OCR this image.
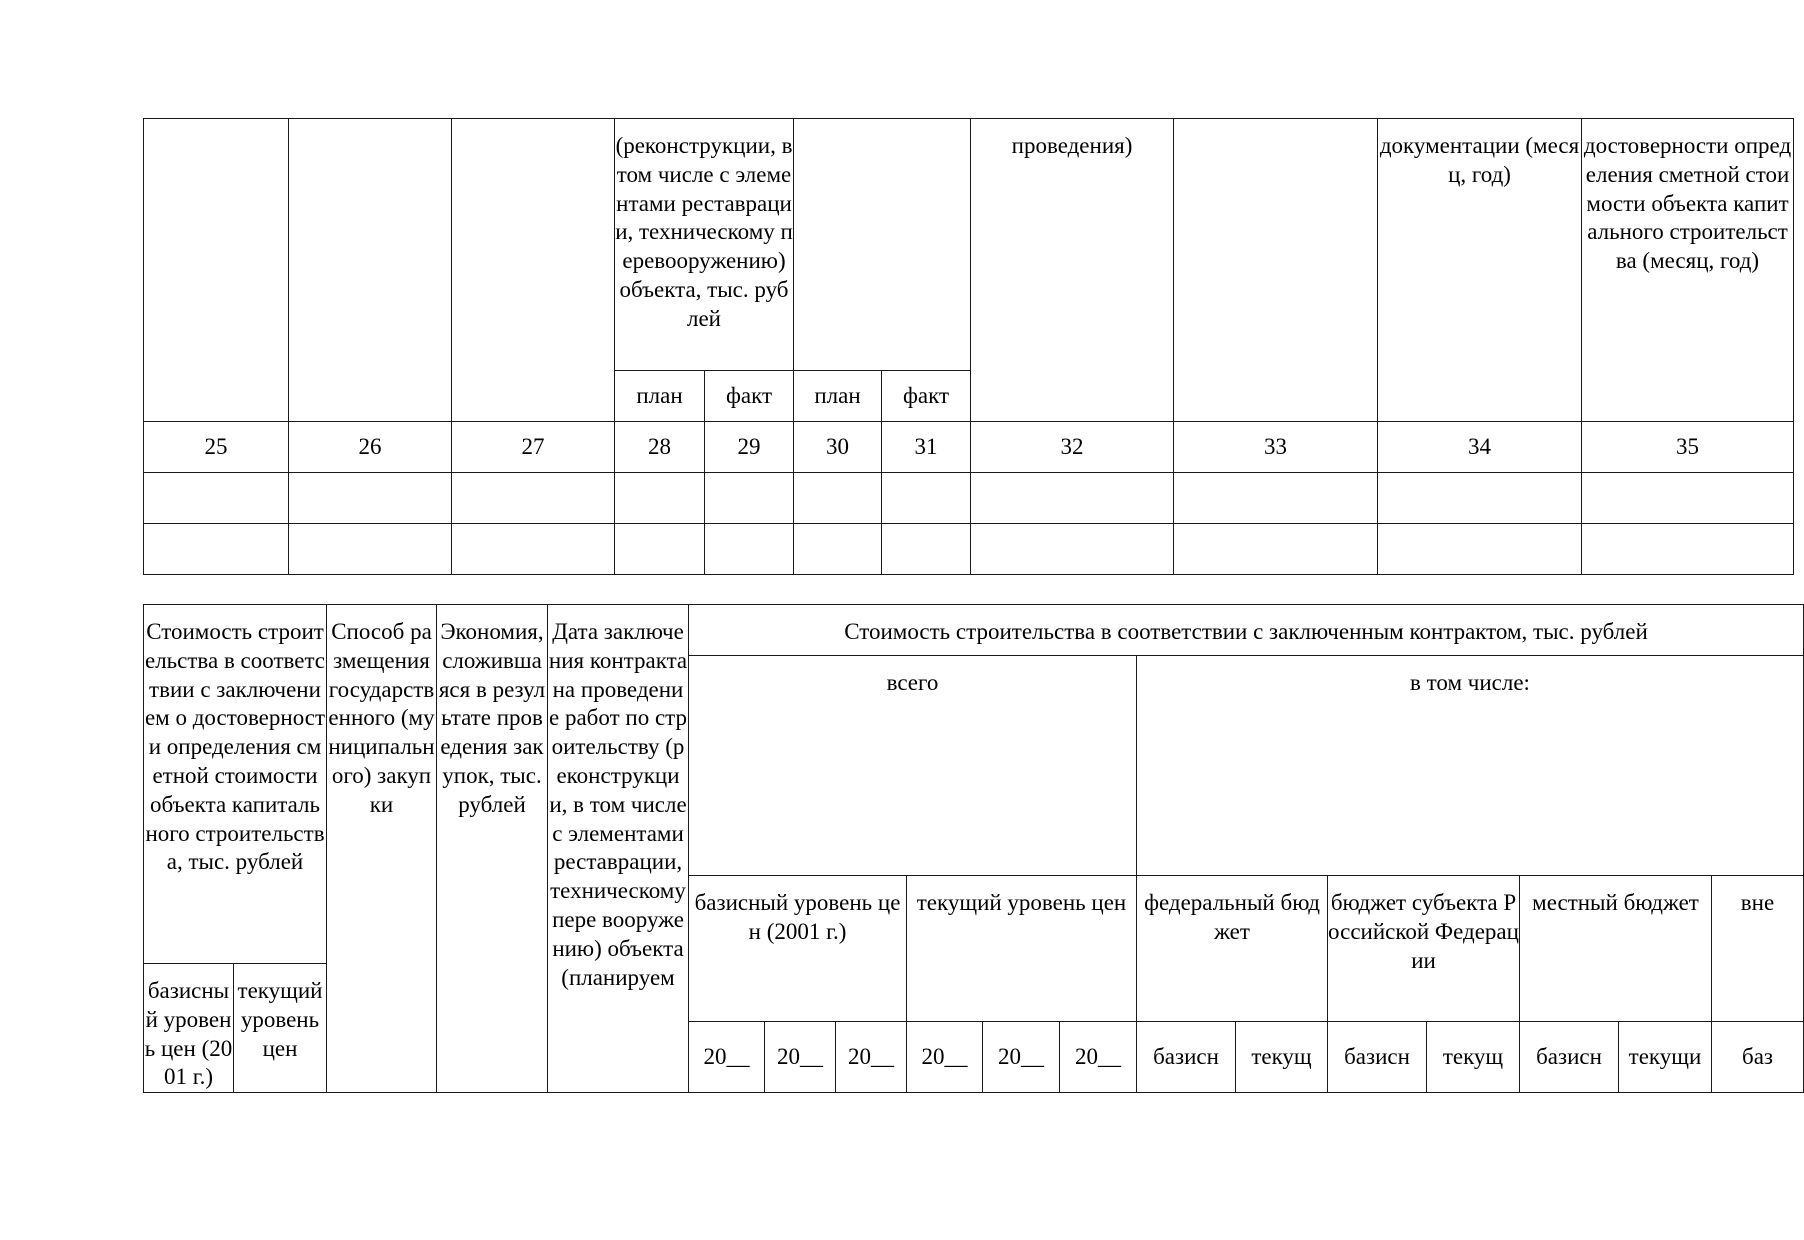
			(реконструкции, в том числе с элементами реставрации, техническому перевооружению) объекта, тыс. рублей				проведения)		документации (месяц, год)	достоверности определения сметной стоимости объекта капитального строительства (месяц, год)
			план	факт	план	факт				
25	26	27	28	29	30	31	32	33	34	35

Стоимость строительства в соответствии с заключением о достоверности определения сметной стоимости объекта капитального строительства, тыс. рублей		Способ размещения государственного (муниципального) закупки	Экономия, сложившаяся в результате проведения закупок, тыс. рублей	Дата заключения контракта на проведение работ по строительству (реконструкции, в том числе с элементами реставрации, техническому пере вооружению) объекта (планируем	Стоимость строительства в соответствии с заключенным контрактом, тыс. рублей												
					всего						в том числе:						
					базисный уровень цен (2001 г.)			текущий уровень цен			федеральный бюджет		бюджет субъекта Российской Федерации		местный бюджет		вне
базисный уровень цен (2001 г.)	текущий уровень цен																
					20__	20__	20__	20__	20__	20__	базисн	текущ	базисн	текущ	базисн	текущи	баз
